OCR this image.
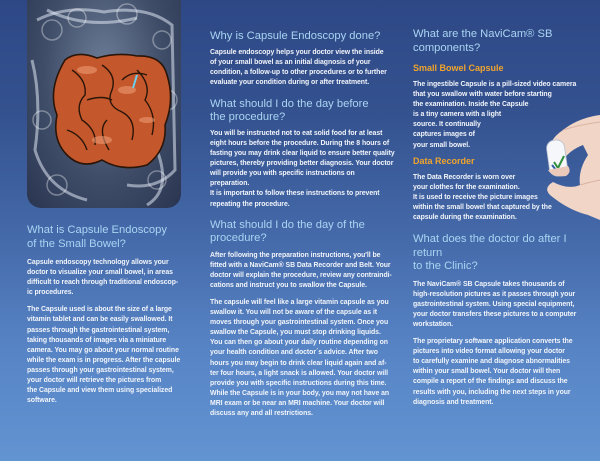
What is Capsule Endoscopy
of the Small Bowel?

Capsule endoscopy technology allows your
doctor to visualize your small bowel, in areas
difficult to reach through traditional endoscop-
ic procedures.

The Capsule used is about the size of a large
vitamin tablet and can be easily swallowed. It
passes through the gastrointestinal system,
taking thousands of images via a miniature
camera. You may go about your normal routine
while the exam is in progress. After the capsule
passes through your gastrointestinal system,
your doctor will retrieve the pictures from
the Capsule and view them using specialized
software.

Why is Capsule Endoscopy done?

Capsule endoscopy helps your doctor view the inside
of your small bowel as an initial diagnosis of your
condition, a follow-up to other procedures or to further
evaluate your condition during or after treatment.

What should I do the day before
the procedure?

You will be instructed not to eat solid food for at least
eight hours before the procedure. During the 8 hours of
fasting you may drink clear liquid to ensure better quality
pictures, thereby providing better diagnosis. Your doctor
will provide you with specific instructions on preparation.
It is important to follow these instructions to prevent
repeating the procedure.

What should I do the day of the procedure?

After following the preparation instructions, you'll be
fitted with a NaviCam® SB Data Recorder and Belt. Your
doctor will explain the procedure, review any contraindi-
cations and instruct you to swallow the Capsule.

The capsule will feel like a large vitamin capsule as you
swallow it. You will not be aware of the capsule as it
moves through your gastrointestinal system. Once you
swallow the Capsule, you must stop drinking liquids.
You can then go about your daily routine depending on
your health condition and doctor´s advice. After two
hours you may begin to drink clear liquid again and af-
ter four hours, a light snack is allowed. Your doctor will
provide you with specific instructions during this time.
While the Capsule is in your body, you may not have an
MRI exam or be near an MRI machine. Your doctor will
discuss any and all restrictions.

What are the NaviCam® SB
components?
Small Bowel Capsule

The ingestible Capsule is a pill-sized video camera
that you swallow with water before starting
the examination. Inside the Capsule
is a tiny camera with a light
source. It continually
captures images of
your small bowel.

Data Recorder

The Data Recorder is worn over
your clothes for the examination.
It is used to receive the picture images
within the small bowel that captured by the
capsule during the examination.

What does the doctor do after I return
to the Clinic?

The NaviCam® SB Capsule takes thousands of
high-resolution pictures as it passes through your
gastrointestinal system. Using special equipment,
your doctor transfers these pictures to a computer
workstation.

The proprietary software application converts the
pictures into video format allowing your doctor
to carefully examine and diagnose abnormalities
within your small bowel. Your doctor will then
compile a report of the findings and discuss the
results with you, including the next steps in your
diagnosis and treatment.
